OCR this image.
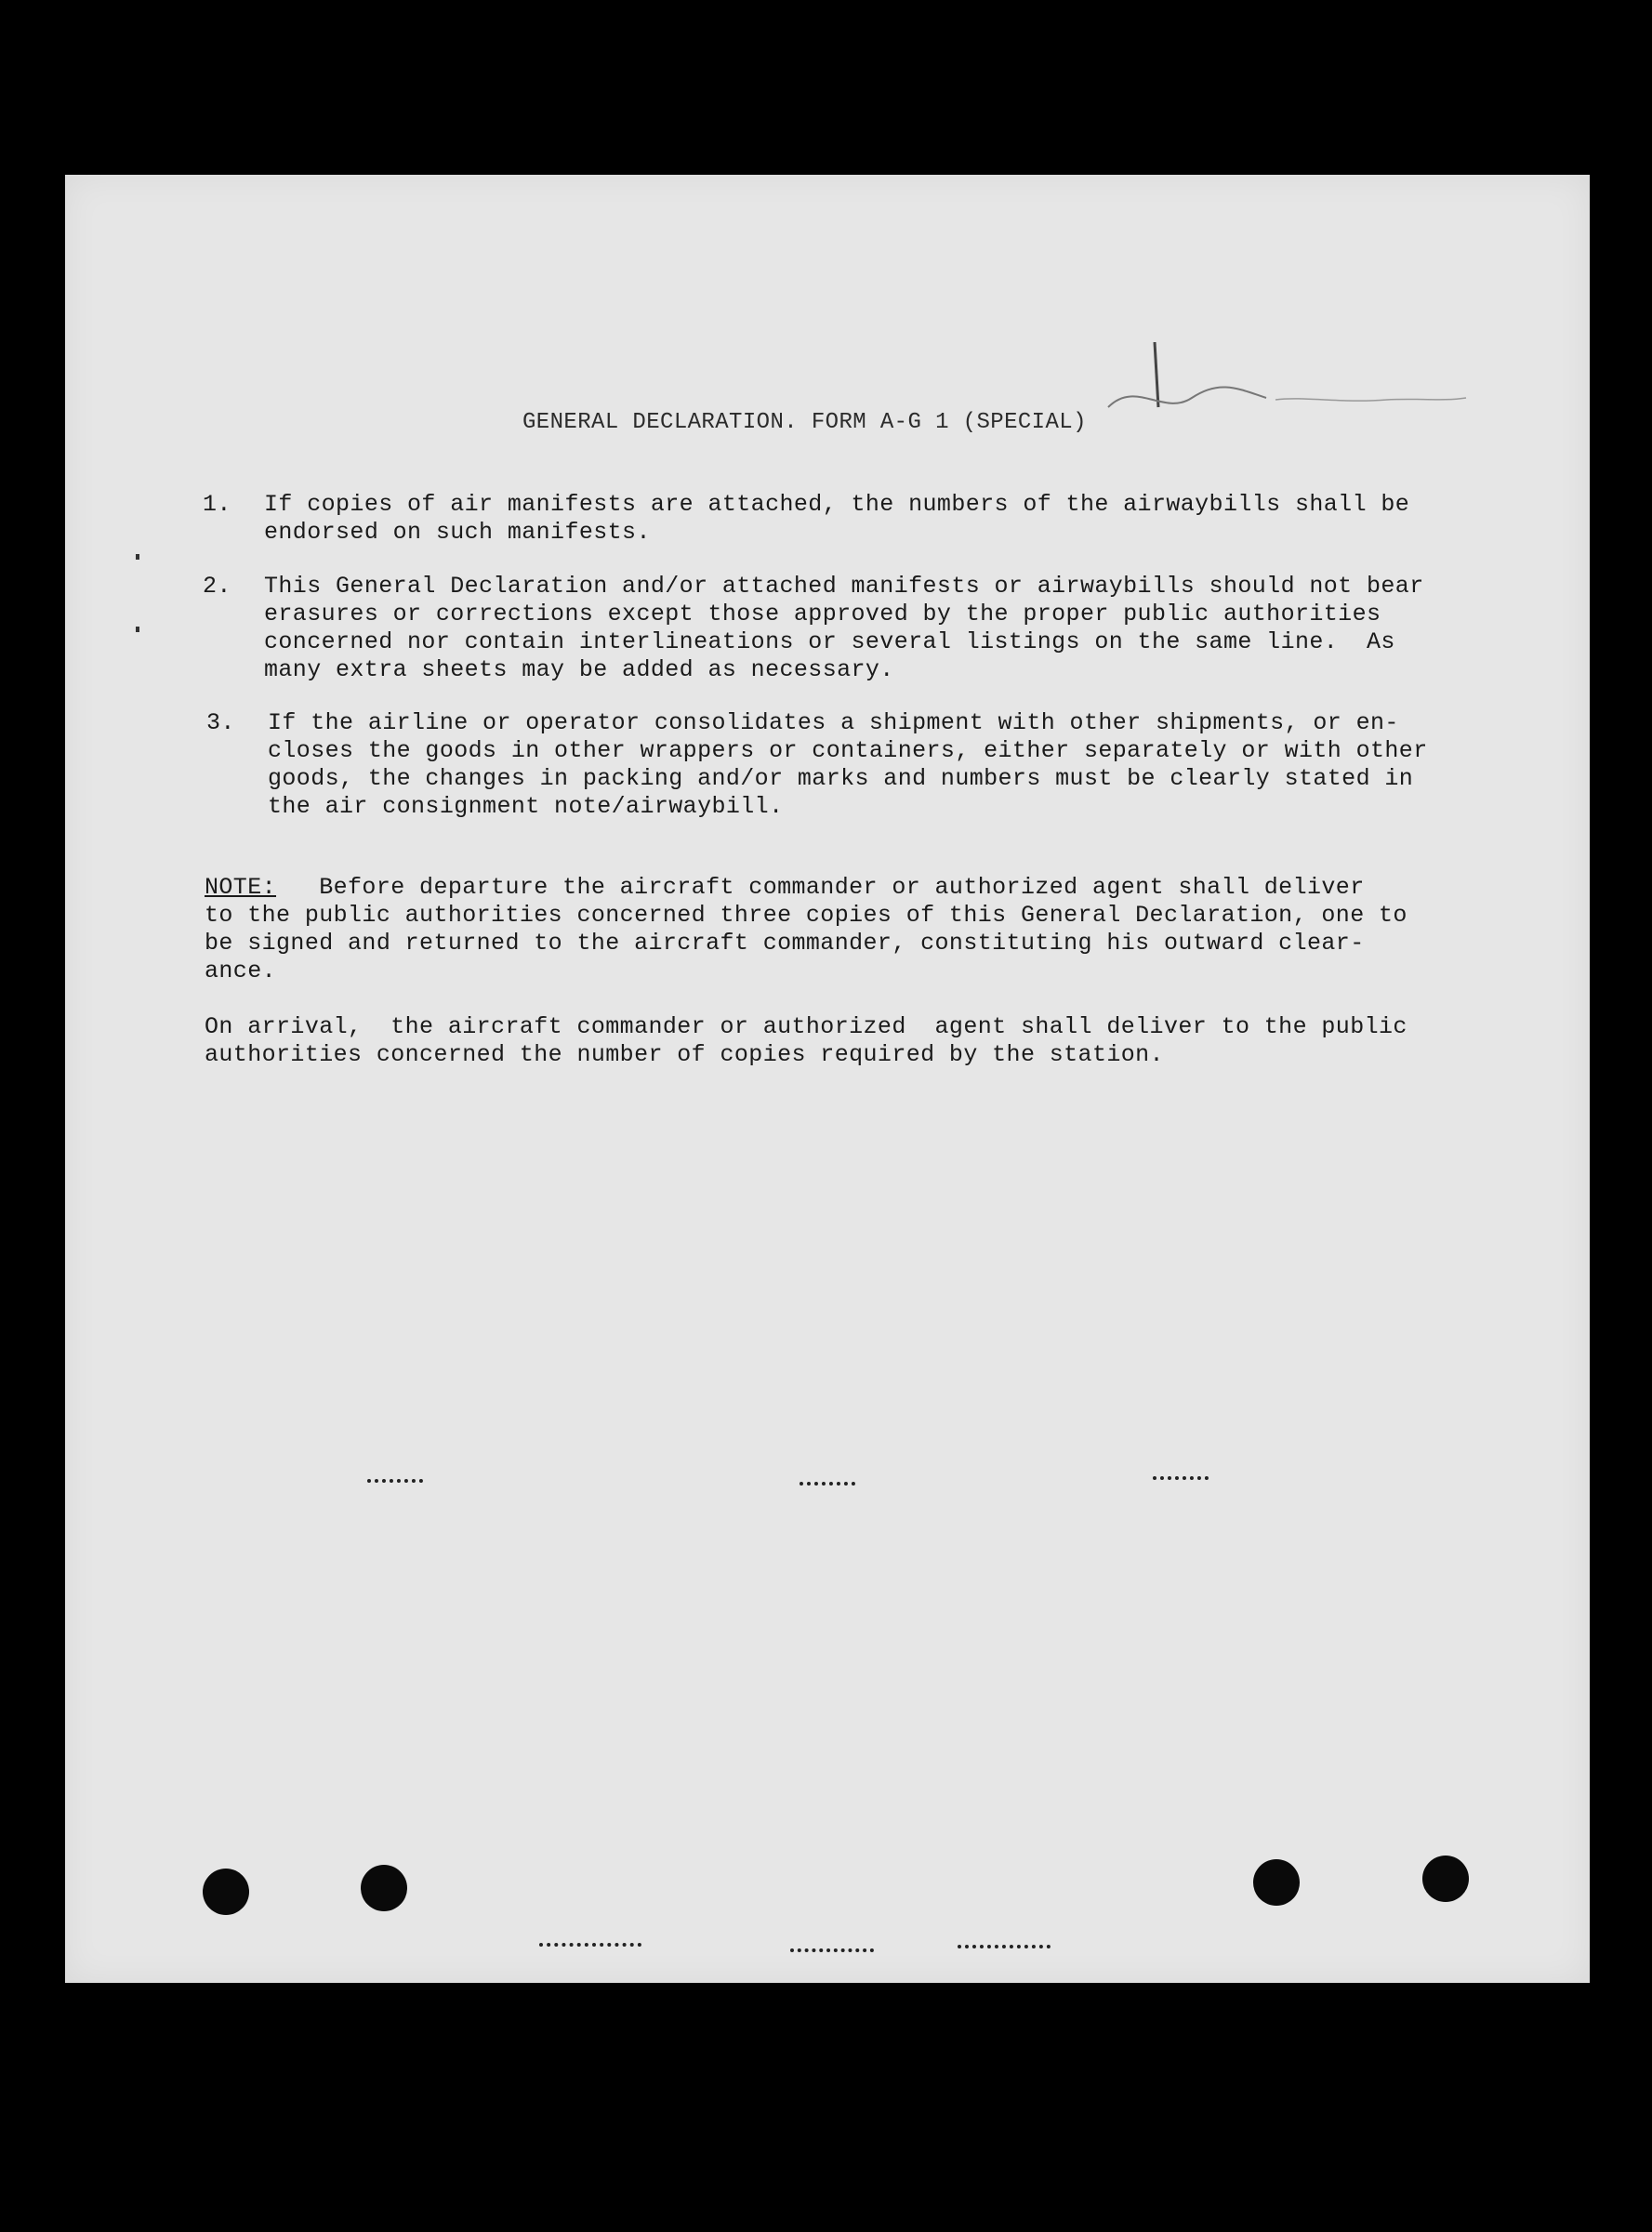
GENERAL DECLARATION. FORM A-G 1 (SPECIAL)
1. If copies of air manifests are attached, the numbers of the airwaybills shall be
endorsed on such manifests.
2. This General Declaration and/or attached manifests or airwaybills should not bear
erasures or corrections except those approved by the proper public authorities
concerned nor contain interlineations or several listings on the same line.  As
many extra sheets may be added as necessary.
3. If the airline or operator consolidates a shipment with other shipments, or en-
closes the goods in other wrappers or containers, either separately or with other
goods, the changes in packing and/or marks and numbers must be clearly stated in
the air consignment note/airwaybill.
NOTE:   Before departure the aircraft commander or authorized agent shall deliver
to the public authorities concerned three copies of this General Declaration, one to
be signed and returned to the aircraft commander, constituting his outward clear-
ance.
On arrival,  the aircraft commander or authorized  agent shall deliver to the public
authorities concerned the number of copies required by the station.
